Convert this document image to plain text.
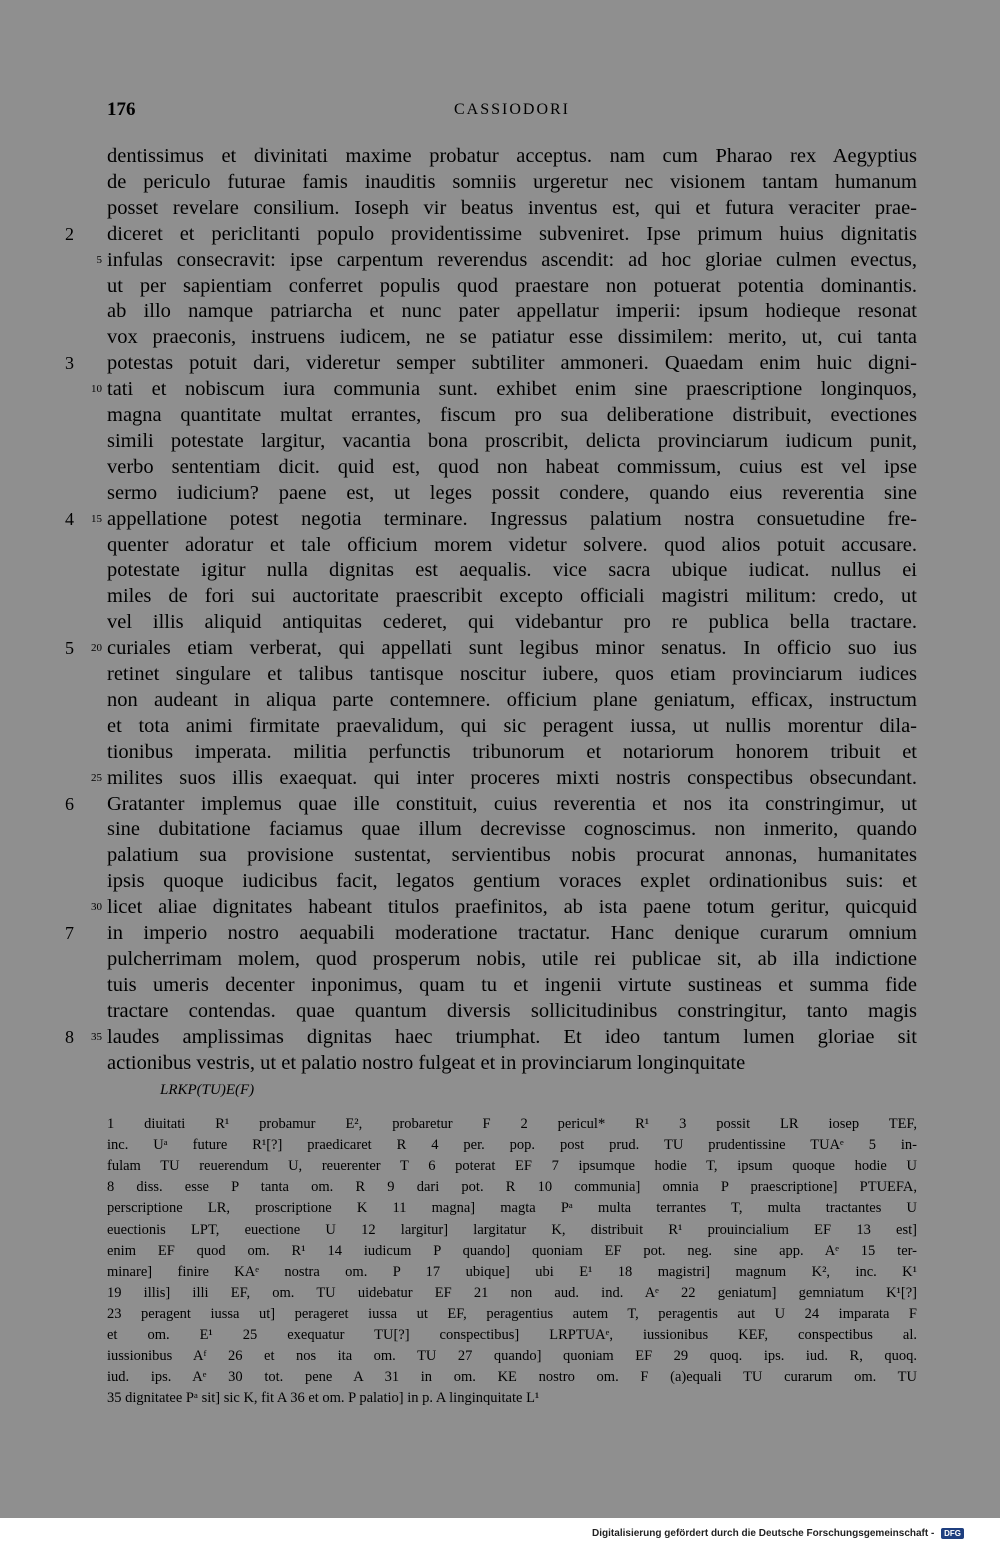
176	CASSIODORI
dentissimus et divinitati maxime probatur acceptus. nam cum Pharao rex Aegyptius
de periculo futurae famis inauditis somniis urgeretur nec visionem tantam humanum
posset revelare consilium. Ioseph vir beatus inventus est, qui et futura veraciter prae-
2	diceret et periclitanti populo providentissime subveniret. Ipse primum huius dignitatis
5 infulas consecravit: ipse carpentum reverendus ascendit: ad hoc gloriae culmen evectus,
ut per sapientiam conferret populis quod praestare non potuerat potentia dominantis.
ab illo namque patriarcha et nunc pater appellatur imperii: ipsum hodieque resonat
vox praeconis, instruens iudicem, ne se patiatur esse dissimilem: merito, ut, cui tanta
3	potestas potuit dari, videretur semper subtiliter ammoneri. Quaedam enim huic digni-
10 tati et nobiscum iura communia sunt. exhibet enim sine praescriptione longinquos,
magna quantitate multat errantes, fiscum pro sua deliberatione distribuit, evectiones
simili potestate largitur, vacantia bona proscribit, delicta provinciarum iudicum punit,
verbo sententiam dicit. quid est, quod non habeat commissum, cuius est vel ipse
sermo iudicium? paene est, ut leges possit condere, quando eius reverentia sine
4	15 appellatione potest negotia terminare. Ingressus palatium nostra consuetudine fre-
quenter adoratur et tale officium morem videtur solvere. quod alios potuit accusare.
potestate igitur nulla dignitas est aequalis. vice sacra ubique iudicat. nullus ei
miles de fori sui auctoritate praescribit excepto officiali magistri militum: credo, ut
vel illis aliquid antiquitas cederet, qui videbantur pro re publica bella tractare.
5	20 curiales etiam verberat, qui appellati sunt legibus minor senatus. In officio suo ius
retinet singulare et talibus tantisque noscitur iubere, quos etiam provinciarum iudices
non audeant in aliqua parte contemnere. officium plane geniatum, efficax, instructum
et tota animi firmitate praevalidum, qui sic peragent iussa, ut nullis morentur dila-
tionibus imperata. militia perfunctis tribunorum et notariorum honorem tribuit et
25 milites suos illis exaequat. qui inter proceres mixti nostris conspectibus obsecundant.
6	Gratanter implemus quae ille constituit, cuius reverentia et nos ita constringimur, ut
sine dubitatione faciamus quae illum decrevisse cognoscimus. non inmerito, quando
palatium sua provisione sustentat, servientibus nobis procurat annonas, humanitates
ipsis quoque iudicibus facit, legatos gentium voraces explet ordinationibus suis: et
30 licet aliae dignitates habeant titulos praefinitos, ab ista paene totum geritur, quicquid
7	in imperio nostro aequabili moderatione tractatur. Hanc denique curarum omnium
pulcherrimam molem, quod prosperum nobis, utile rei publicae sit, ab illa indictione
tuis umeris decenter inponimus, quam tu et ingenii virtute sustineas et summa fide
tractare contendas. quae quantum diversis sollicitudinibus constringitur, tanto magis
8	35 laudes amplissimas dignitas haec triumphat. Et ideo tantum lumen gloriae sit
actionibus vestris, ut et palatio nostro fulgeat et in provinciarum longinquitate
LRKP(TU)E(F)
1 diuitati R¹ probamur E², probaretur F 2 pericul* R¹ 3 possit LR iosep TEF,
inc. Uᵃ future R¹[?] praedicaret R 4 per. pop. post prud. TU prudentissine TUAᵉ 5 in-
fulam TU reuerendum U, reuerenter T 6 poterat EF 7 ipsumque hodie T, ipsum quoque hodie U
8 diss. esse P tanta om. R 9 dari pot. R 10 communia] omnia P praescriptione] PTUEFA,
perscriptione LR, proscriptione K 11 magna] magta Pᵃ multa terrantes T, multa tractantes U
euectionis LPT, euectione U 12 largitur] largitatur K, distribuit R¹ prouincialium EF 13 est]
enim EF quod om. R¹ 14 iudicum P quando] quoniam EF pot. neg. sine app. Aᵉ 15 ter-
minare] finire KAᵉ nostra om. P 17 ubique] ubi E¹ 18 magistri] magnum K², inc. K¹
19 illis] illi EF, om. TU uidebatur EF 21 non aud. ind. Aᵉ 22 geniatum] gemniatum K¹[?]
23 peragent iussa ut] perageret iussa ut EF, peragentius autem T, peragentis aut U 24 imparata F
et om. E¹ 25 exequatur TU[?] conspectibus] LRPTUAᵉ, iussionibus KEF, conspectibus al.
iussionibus Aᶠ 26 et nos ita om. TU 27 quando] quoniam EF 29 quoq. ips. iud. R, quoq.
iud. ips. Aᵉ 30 tot. pene A 31 in om. KE nostro om. F (a)equali TU curarum om. TU
35 dignitatee Pᵃ sit] sic K, fit A 36 et om. P palatio] in p. A linginquitate L¹
Digitalisierung gefördert durch die Deutsche Forschungsgemeinschaft - DFG
